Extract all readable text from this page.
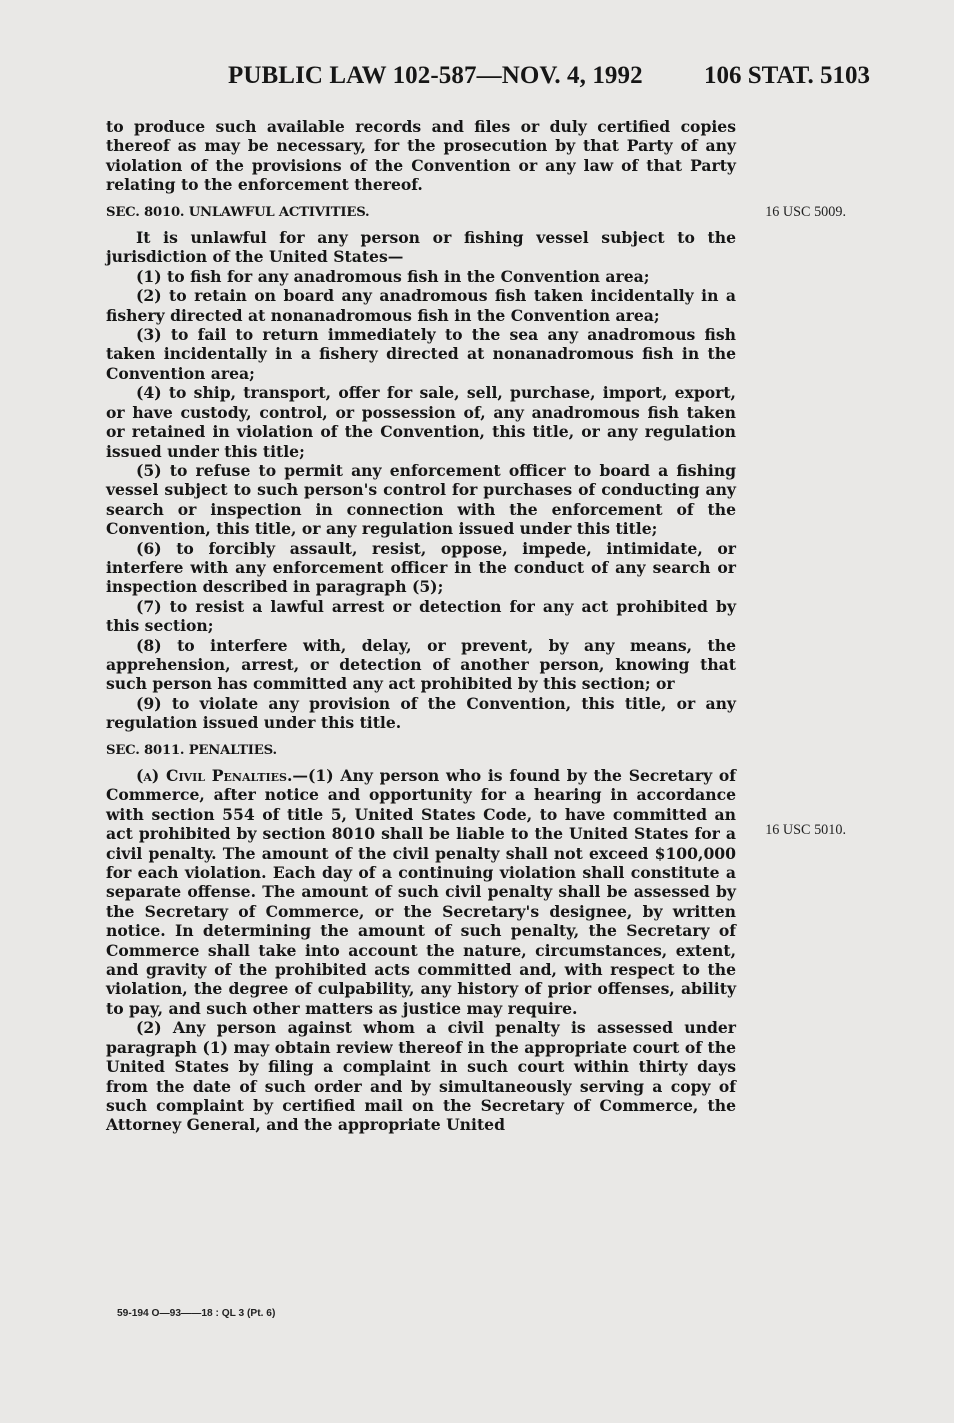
PUBLIC LAW 102-587—NOV. 4, 1992 106 STAT. 5103
16 USC 5009.
16 USC 5010.

to produce such available records and files or duly certified copies thereof as may be necessary, for the prosecution by that Party of any violation of the provisions of the Convention or any law of that Party relating to the enforcement thereof.

SEC. 8010. UNLAWFUL ACTIVITIES.

It is unlawful for any person or fishing vessel subject to the jurisdiction of the United States—

(1) to fish for any anadromous fish in the Convention area;

(2) to retain on board any anadromous fish taken incidentally in a fishery directed at nonanadromous fish in the Convention area;

(3) to fail to return immediately to the sea any anadromous fish taken incidentally in a fishery directed at nonanadromous fish in the Convention area;

(4) to ship, transport, offer for sale, sell, purchase, import, export, or have custody, control, or possession of, any anadromous fish taken or retained in violation of the Convention, this title, or any regulation issued under this title;

(5) to refuse to permit any enforcement officer to board a fishing vessel subject to such person's control for purchases of conducting any search or inspection in connection with the enforcement of the Convention, this title, or any regulation issued under this title;

(6) to forcibly assault, resist, oppose, impede, intimidate, or interfere with any enforcement officer in the conduct of any search or inspection described in paragraph (5);

(7) to resist a lawful arrest or detection for any act prohibited by this section;

(8) to interfere with, delay, or prevent, by any means, the apprehension, arrest, or detection of another person, knowing that such person has committed any act prohibited by this section; or

(9) to violate any provision of the Convention, this title, or any regulation issued under this title.

SEC. 8011. PENALTIES.

(a) Civil Penalties.—(1) Any person who is found by the Secretary of Commerce, after notice and opportunity for a hearing in accordance with section 554 of title 5, United States Code, to have committed an act prohibited by section 8010 shall be liable to the United States for a civil penalty. The amount of the civil penalty shall not exceed $100,000 for each violation. Each day of a continuing violation shall constitute a separate offense. The amount of such civil penalty shall be assessed by the Secretary of Commerce, or the Secretary's designee, by written notice. In determining the amount of such penalty, the Secretary of Commerce shall take into account the nature, circumstances, extent, and gravity of the prohibited acts committed and, with respect to the violation, the degree of culpability, any history of prior offenses, ability to pay, and such other matters as justice may require.

(2) Any person against whom a civil penalty is assessed under paragraph (1) may obtain review thereof in the appropriate court of the United States by filing a complaint in such court within thirty days from the date of such order and by simultaneously serving a copy of such complaint by certified mail on the Secretary of Commerce, the Attorney General, and the appropriate United

59-194 O—93——18 : QL 3 (Pt. 6)
